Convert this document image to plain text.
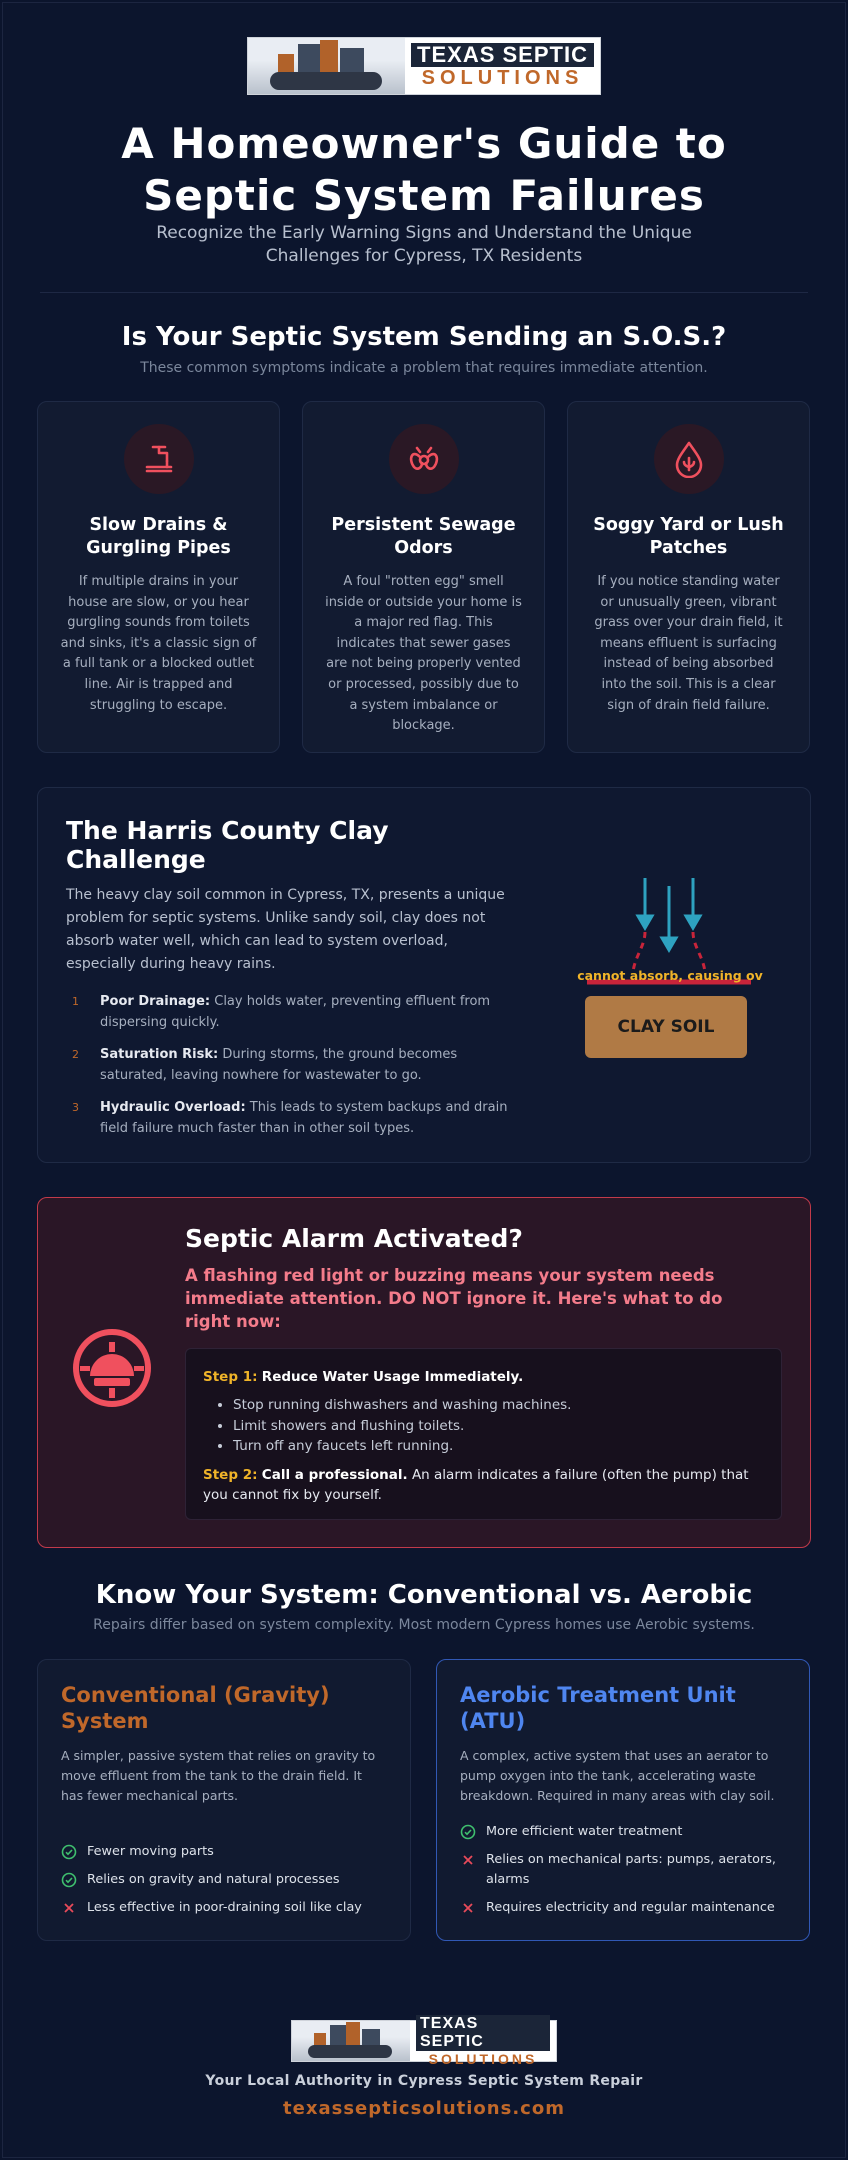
TEXAS SEPTIC
SOLUTIONS
A Homeowner's Guide to Septic System Failures
Recognize the Early Warning Signs and Understand the Unique Challenges for Cypress, TX Residents
Is Your Septic System Sending an S.O.S.?
These common symptoms indicate a problem that requires immediate attention.
Slow Drains & Gurgling Pipes

If multiple drains in your house are slow, or you hear gurgling sounds from toilets and sinks, it's a classic sign of a full tank or a blocked outlet line. Air is trapped and struggling to escape.

Persistent Sewage Odors

A foul "rotten egg" smell inside or outside your home is a major red flag. This indicates that sewer gases are not being properly vented or processed, possibly due to a system imbalance or blockage.

Soggy Yard or Lush Patches

If you notice standing water or unusually green, vibrant grass over your drain field, it means effluent is surfacing instead of being absorbed into the soil. This is a clear sign of drain field failure.

The Harris County Clay Challenge

The heavy clay soil common in Cypress, TX, presents a unique problem for septic systems. Unlike sandy soil, clay does not absorb water well, which can lead to system overload, especially during heavy rains.

1 Poor Drainage: Clay holds water, preventing effluent from dispersing quickly.
2 Saturation Risk: During storms, the ground becomes saturated, leaving nowhere for wastewater to go.
3 Hydraulic Overload: This leads to system backups and drain field failure much faster than in other soil types.
cannot absorb, causing ov
CLAY SOIL
Septic Alarm Activated?

A flashing red light or buzzing means your system needs immediate attention. DO NOT ignore it. Here's what to do right now:

Step 1: Reduce Water Usage Immediately.
• Stop running dishwashers and washing machines.
• Limit showers and flushing toilets.
• Turn off any faucets left running.
Step 2: Call a professional. An alarm indicates a failure (often the pump) that you cannot fix by yourself.
Know Your System: Conventional vs. Aerobic
Repairs differ based on system complexity. Most modern Cypress homes use Aerobic systems.
Conventional (Gravity) System

A simpler, passive system that relies on gravity to move effluent from the tank to the drain field. It has fewer mechanical parts.

Fewer moving parts
Relies on gravity and natural processes
Less effective in poor-draining soil like clay
Aerobic Treatment Unit (ATU)

A complex, active system that uses an aerator to pump oxygen into the tank, accelerating waste breakdown. Required in many areas with clay soil.

More efficient water treatment
Relies on mechanical parts: pumps, aerators, alarms
Requires electricity and regular maintenance
TEXAS SEPTIC
SOLUTIONS
Your Local Authority in Cypress Septic System Repair
texassepticsolutions.com
